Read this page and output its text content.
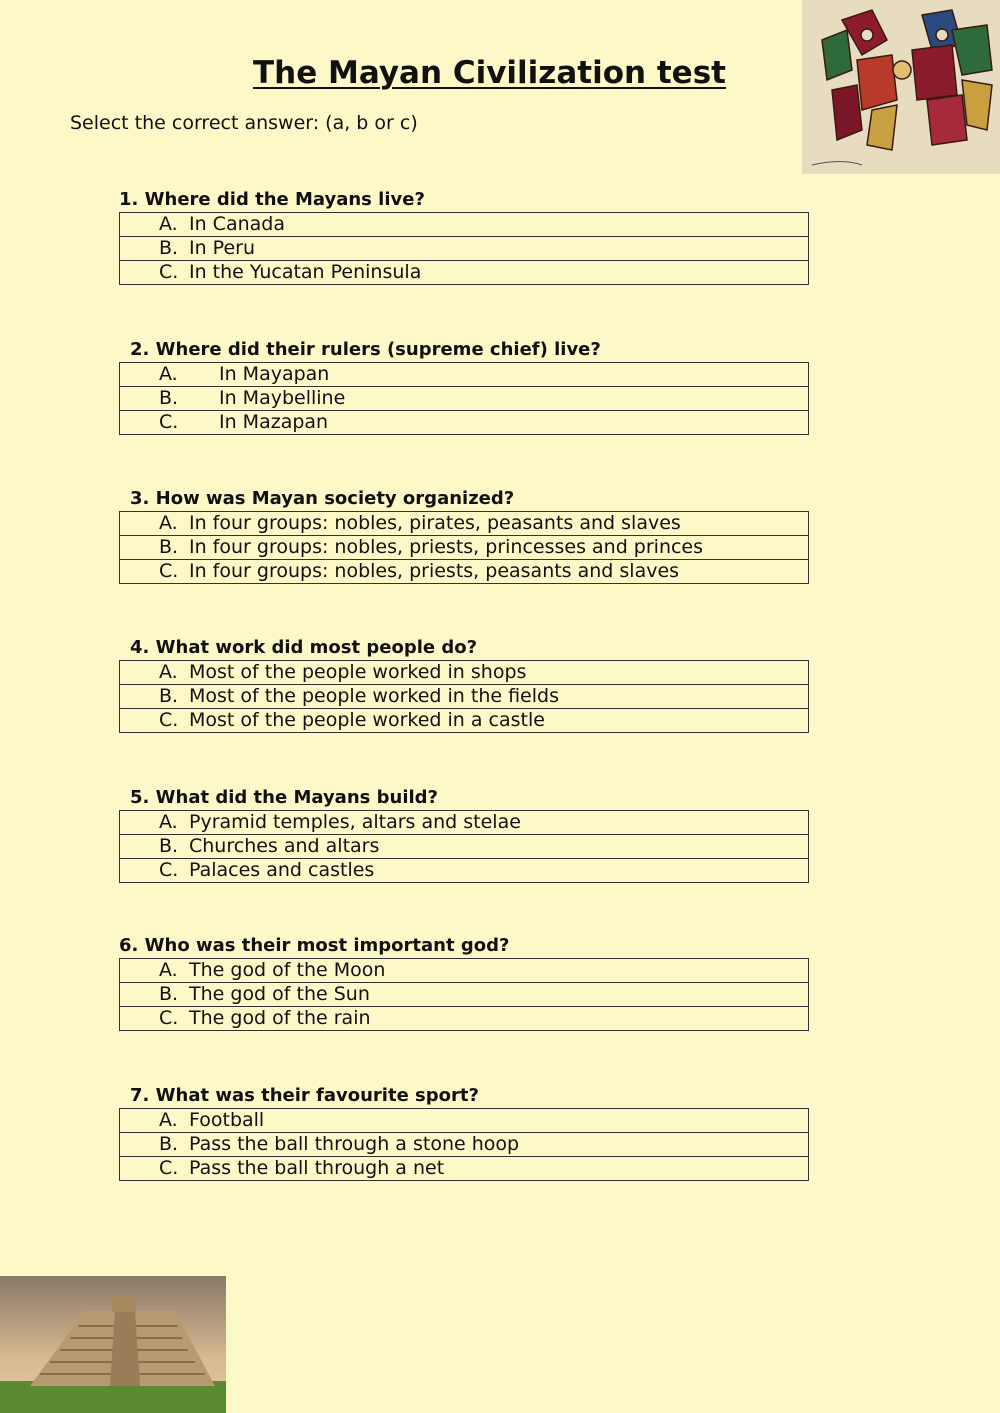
The Mayan Civilization test
Select the correct answer: (a, b or c)
1. Where did the Mayans live?
A. In Canada
B. In Peru
C. In the Yucatan Peninsula
2. Where did their rulers (supreme chief) live?
A. In Mayapan
B. In Maybelline
C. In Mazapan
3. How was Mayan society organized?
A. In four groups: nobles, pirates, peasants and slaves
B. In four groups: nobles, priests, princesses and princes
C. In four groups: nobles, priests, peasants and slaves
4. What work did most people do?
A. Most of the people worked in shops
B. Most of the people worked in the fields
C. Most of the people worked in a castle
5. What did the Mayans build?
A. Pyramid temples, altars and stelae
B. Churches and altars
C. Palaces and castles
6. Who was their most important god?
A. The god of the Moon
B. The god of the Sun
C. The god of the rain
7. What was their favourite sport?
A. Football
B. Pass the ball through a stone hoop
C. Pass the ball through a net
